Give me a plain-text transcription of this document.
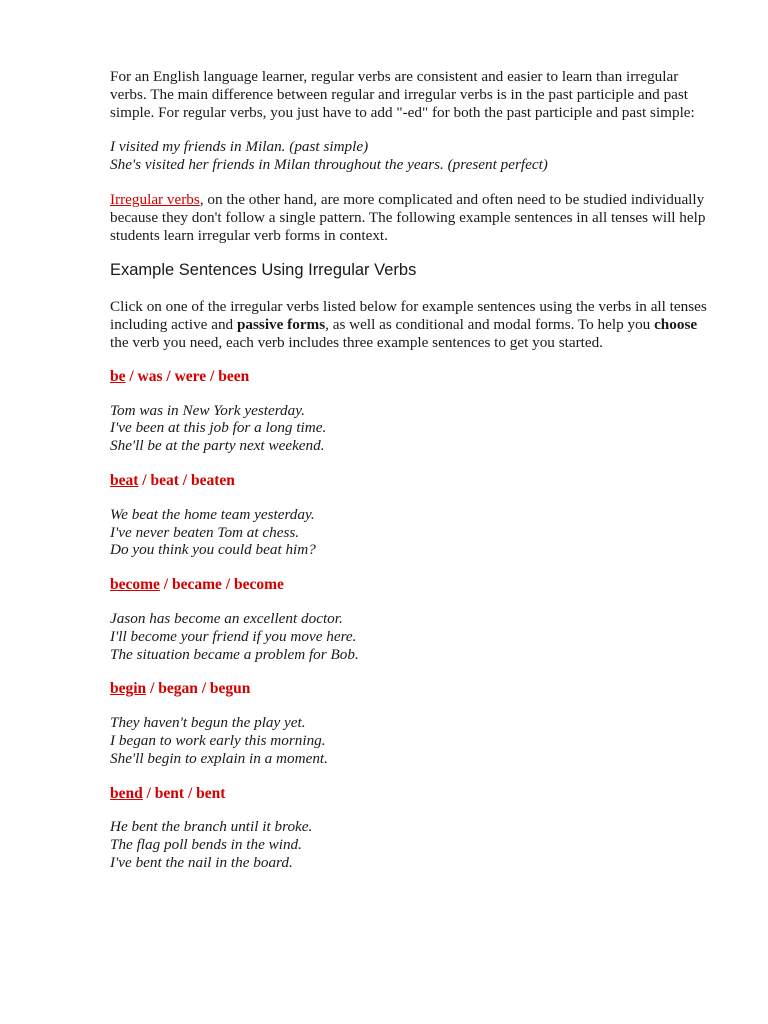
For an English language learner, regular verbs are consistent and easier to learn than irregular verbs. The main difference between regular and irregular verbs is in the past participle and past simple. For regular verbs, you just have to add "-ed" for both the past participle and past simple:

I visited my friends in Milan. (past simple)
She's visited her friends in Milan throughout the years. (present perfect)

Irregular verbs, on the other hand, are more complicated and often need to be studied individually because they don't follow a single pattern. The following example sentences in all tenses will help students learn irregular verb forms in context.

Example Sentences Using Irregular Verbs

Click on one of the irregular verbs listed below for example sentences using the verbs in all tenses including active and passive forms, as well as conditional and modal forms. To help you choose the verb you need, each verb includes three example sentences to get you started.

be / was / were / been
Tom was in New York yesterday.
I've been at this job for a long time.
She'll be at the party next weekend.
beat / beat / beaten
We beat the home team yesterday.
I've never beaten Tom at chess.
Do you think you could beat him?
become / became / become
Jason has become an excellent doctor.
I'll become your friend if you move here.
The situation became a problem for Bob.
begin / began / begun
They haven't begun the play yet.
I began to work early this morning.
She'll begin to explain in a moment.
bend / bent / bent
He bent the branch until it broke.
The flag poll bends in the wind.
I've bent the nail in the board.
